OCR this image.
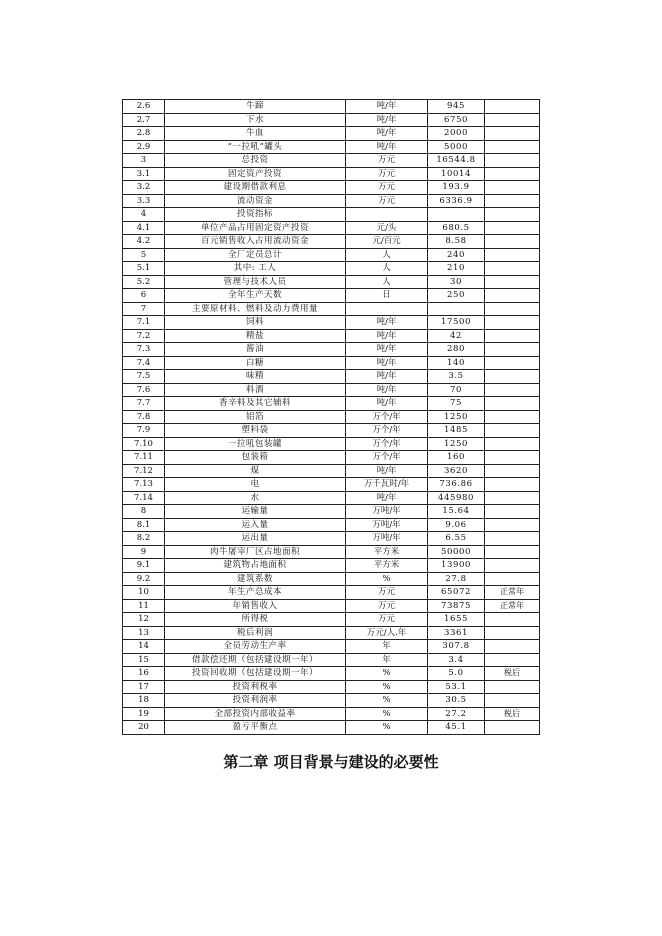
2.6	牛蹄	吨/年	945	
2.7	下水	吨/年	6750	
2.8	牛血	吨/年	2000	
2.9	“一拉吼”罐头	吨/年	5000	
3	总投资	万元	16544.8	
3.1	固定资产投资	万元	10014	
3.2	建设期借款利息	万元	193.9	
3.3	流动资金	万元	6336.9	
4	投资指标			
4.1	单位产品占用固定资产投资	元/头	680.5	
4.2	百元销售收入占用流动资金	元/百元	8.58	
5	全厂定员总计	人	240	
5.1	其中: 工人	人	210	
5.2	管理与技术人员	人	30	
6	全年生产天数	日	250	
7	主要原材料、燃料及动力费用量			
7.1	饲料	吨/年	17500	
7.2	精盐	吨/年	42	
7.3	酱油	吨/年	280	
7.4	白糖	吨/年	140	
7.5	味精	吨/年	3.5	
7.6	料酒	吨/年	70	
7.7	香辛料及其它辅料	吨/年	75	
7.8	铝箔	万个/年	1250	
7.9	塑料袋	万个/年	1485	
7.10	一拉吼包装罐	万个/年	1250	
7.11	包装箱	万个/年	160	
7.12	煤	吨/年	3620	
7.13	电	万千瓦时/年	736.86	
7.14	水	吨/年	445980	
8	运输量	万吨/年	15.64	
8.1	运入量	万吨/年	9.06	
8.2	运出量	万吨/年	6.55	
9	肉牛屠宰厂区占地面积	平方米	50000	
9.1	建筑物占地面积	平方米	13900	
9.2	建筑系数	%	27.8	
10	年生产总成本	万元	65072	正常年
11	年销售收入	万元	73875	正常年
12	所得税	万元	1655	
13	税后利润	万元/人.年	3361	
14	全员劳动生产率	年	307.8	
15	借款偿还期（包括建设期一年）	年	3.4	
16	投资回收期（包括建设期一年）	%	5.0	税后
17	投资利税率	%	53.1	
18	投资利润率	%	30.5	
19	全部投资内部收益率	%	27.2	税后
20	盈亏平衡点	%	45.1	
第二章 项目背景与建设的必要性
